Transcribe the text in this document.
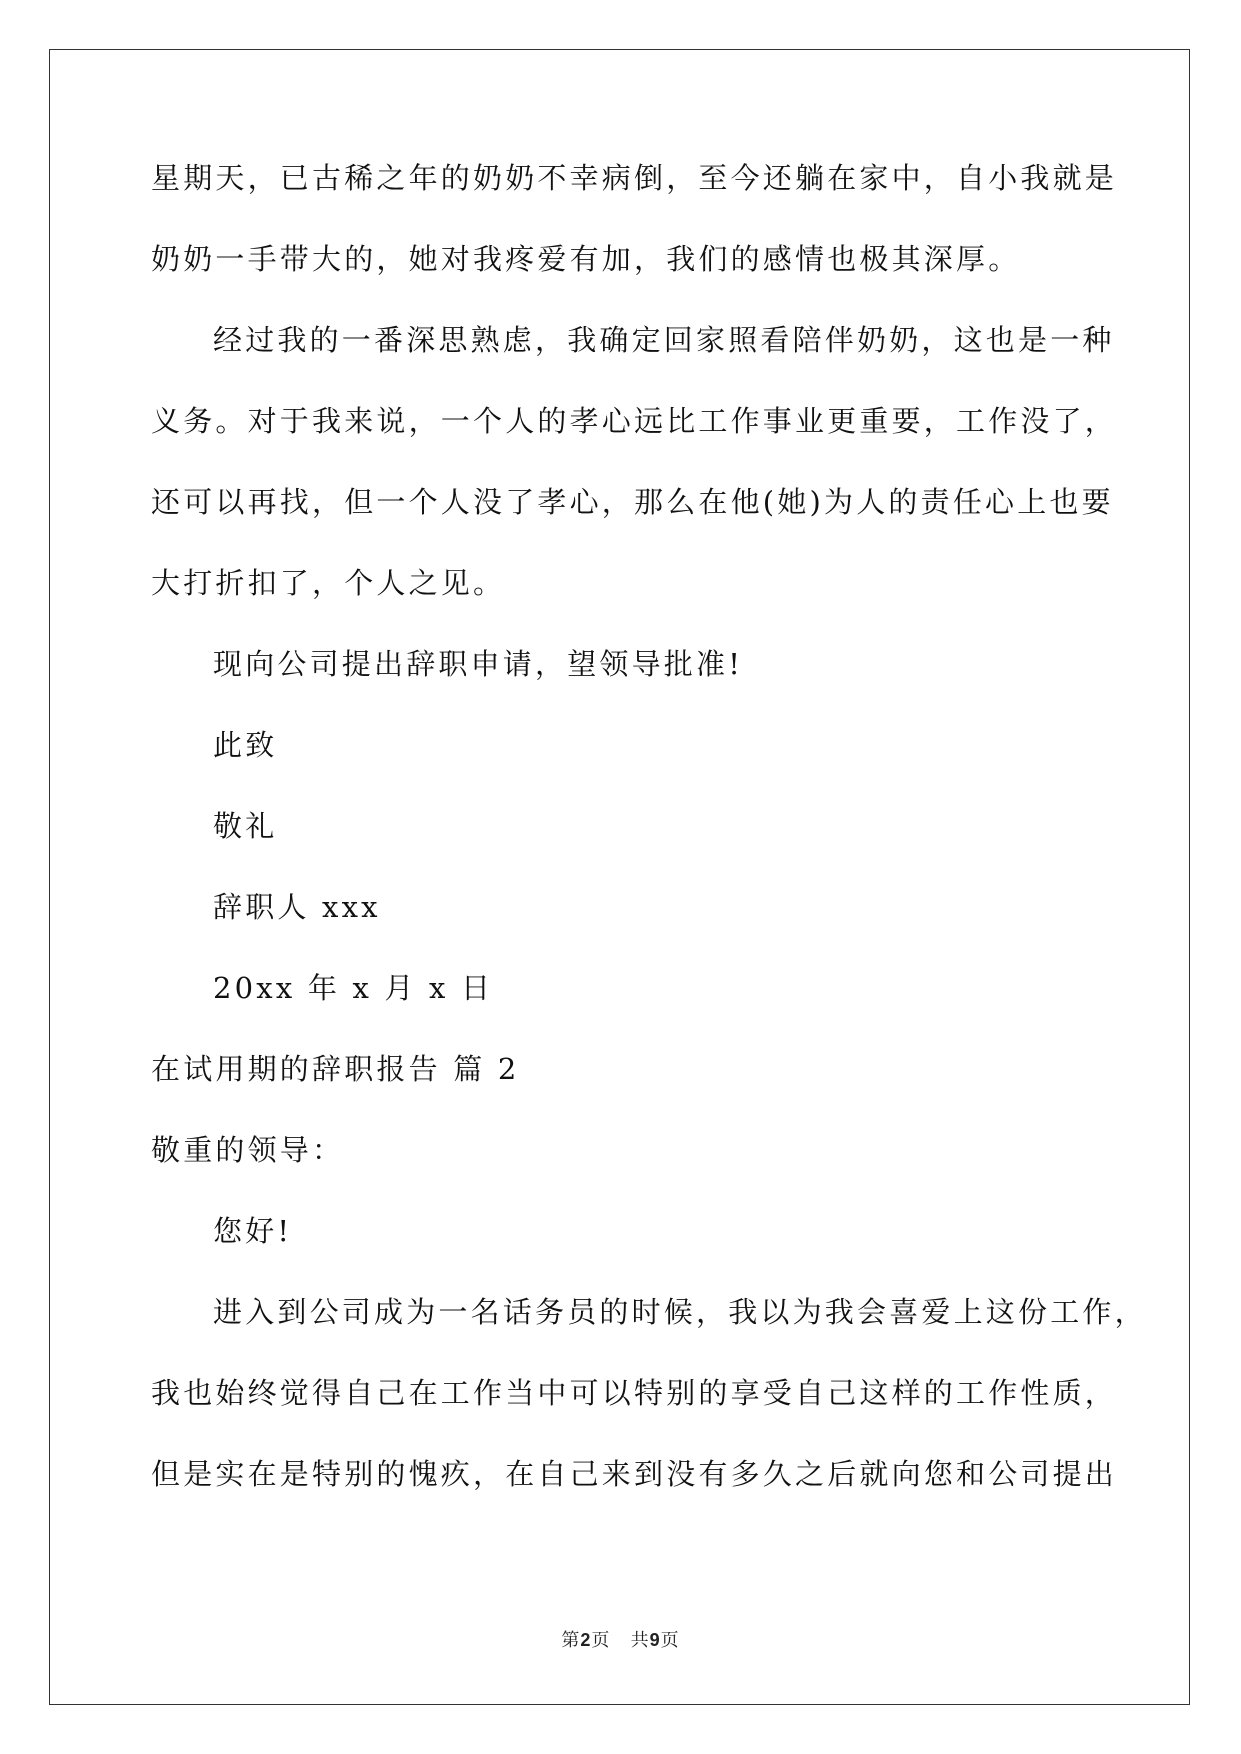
星期天，已古稀之年的奶奶不幸病倒，至今还躺在家中，自小我就是
奶奶一手带大的，她对我疼爱有加，我们的感情也极其深厚。
经过我的一番深思熟虑，我确定回家照看陪伴奶奶，这也是一种
义务。对于我来说，一个人的孝心远比工作事业更重要，工作没了，
还可以再找，但一个人没了孝心，那么在他(她)为人的责任心上也要
大打折扣了，个人之见。
现向公司提出辞职申请，望领导批准!
此致
敬礼
辞职人 xxx
20xx 年 x 月 x 日
在试用期的辞职报告 篇 2
敬重的领导：
您好!
进入到公司成为一名话务员的时候，我以为我会喜爱上这份工作，
我也始终觉得自己在工作当中可以特别的享受自己这样的工作性质，
但是实在是特别的愧疚，在自己来到没有多久之后就向您和公司提出
第2页 共9页
